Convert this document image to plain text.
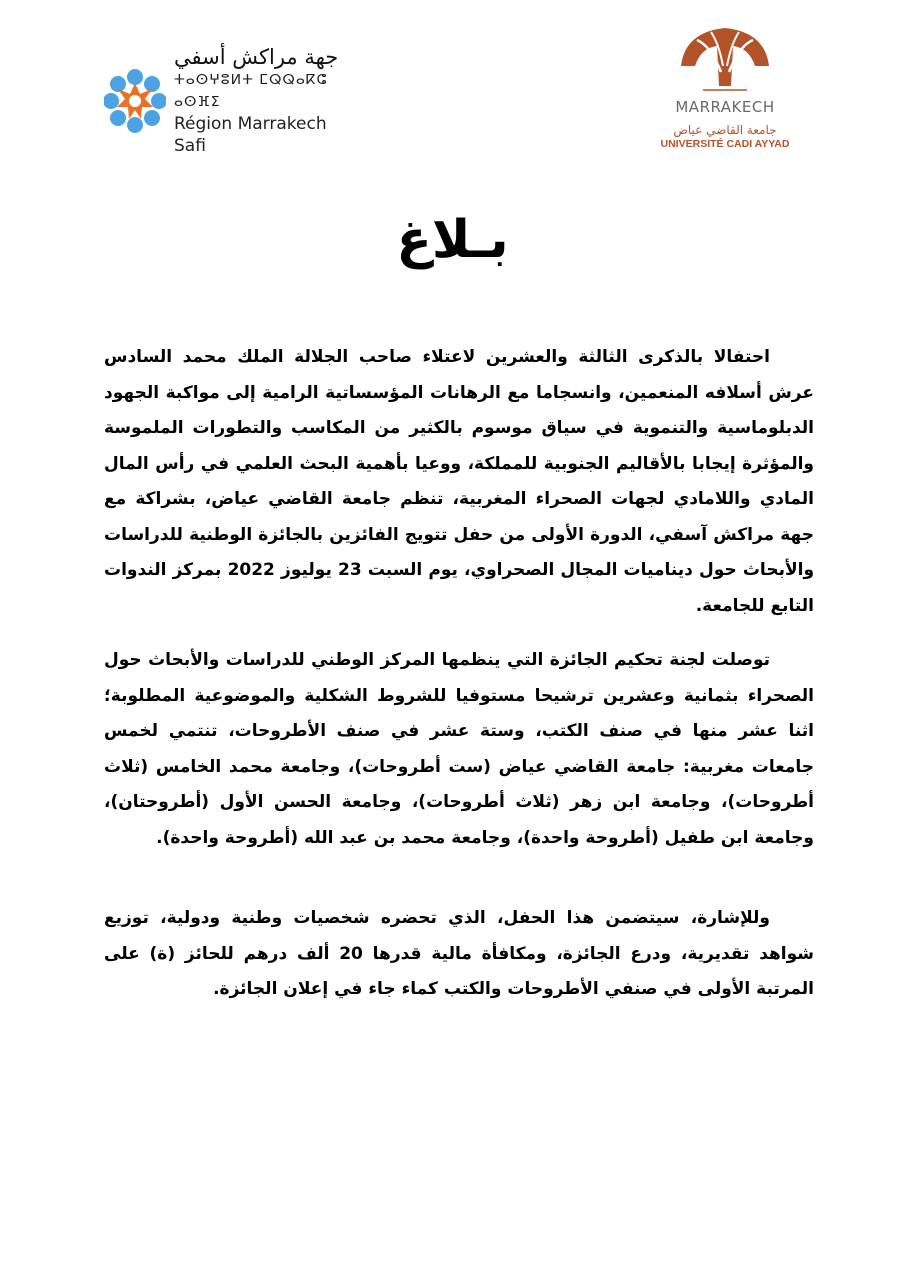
جهة مراكش أسفي
ⵜⴰⵙⵖⵓⵍⵜ ⵎⵕⵕⴰⴽⵛ ⴰⵙⴼⵉ
Région Marrakech Safi
MARRAKECH
جامعة القاضي عياض
UNIVERSITÉ CADI AYYAD
بـلاغ

احتفالا بالذكرى الثالثة والعشرين لاعتلاء صاحب الجلالة الملك محمد السادس عرش أسلافه المنعمين، وانسجاما مع الرهانات المؤسساتية الرامية إلى مواكبة الجهود الدبلوماسية والتنموية في سياق موسوم بالكثير من المكاسب والتطورات الملموسة والمؤثرة إيجابا بالأقاليم الجنوبية للمملكة، ووعيا بأهمية البحث العلمي في رأس المال المادي واللامادي لجهات الصحراء المغربية، تنظم جامعة القاضي عياض، بشراكة مع جهة مراكش آسفي، الدورة الأولى من حفل تتويج الفائزين بالجائزة الوطنية للدراسات والأبحاث حول ديناميات المجال الصحراوي، يوم السبت 23 يوليوز 2022 بمركز الندوات التابع للجامعة.

توصلت لجنة تحكيم الجائزة التي ينظمها المركز الوطني للدراسات والأبحاث حول الصحراء بثمانية وعشرين ترشيحا مستوفيا للشروط الشكلية والموضوعية المطلوبة؛ اثنا عشر منها في صنف الكتب، وستة عشر في صنف الأطروحات، تنتمي لخمس جامعات مغربية: جامعة القاضي عياض (ست أطروحات)، وجامعة محمد الخامس (ثلاث أطروحات)، وجامعة ابن زهر (ثلاث أطروحات)، وجامعة الحسن الأول (أطروحتان)، وجامعة ابن طفيل (أطروحة واحدة)، وجامعة محمد بن عبد الله (أطروحة واحدة).

وللإشارة، سيتضمن هذا الحفل، الذي تحضره شخصيات وطنية ودولية، توزيع شواهد تقديرية، ودرع الجائزة، ومكافأة مالية قدرها 20 ألف درهم للحائز (ة) على المرتبة الأولى في صنفي الأطروحات والكتب كماء جاء في إعلان الجائزة.
